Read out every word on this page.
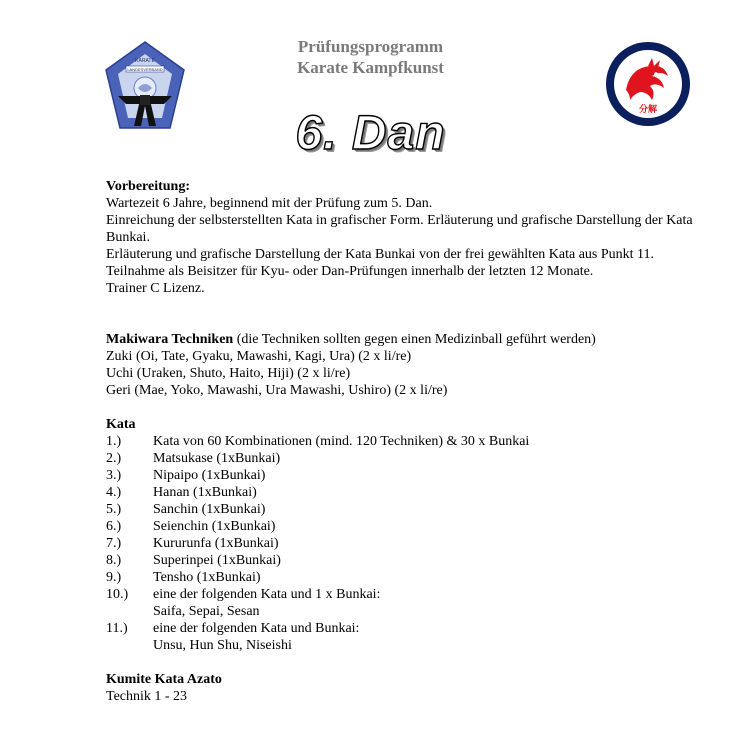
Prüfungsprogramm
Karate Kampfkunst
6. Dan
KARATE
LANDESVERBAND
分解
Vorbereitung:
Wartezeit 6 Jahre, beginnend mit der Prüfung zum 5. Dan.
Einreichung der selbsterstellten Kata in grafischer Form. Erläuterung und grafische Darstellung der Kata Bunkai.
Erläuterung und grafische Darstellung der Kata Bunkai von der frei gewählten Kata aus Punkt 11.
Teilnahme als Beisitzer für Kyu- oder Dan-Prüfungen innerhalb der letzten 12 Monate.
Trainer C Lizenz.
Makiwara Techniken (die Techniken sollten gegen einen Medizinball geführt werden)
Zuki (Oi, Tate, Gyaku, Mawashi, Kagi, Ura) (2 x li/re)
Uchi (Uraken, Shuto, Haito, Hiji) (2 x li/re)
Geri (Mae, Yoko, Mawashi, Ura Mawashi, Ushiro) (2 x li/re)
Kata
1.)	Kata von 60 Kombinationen (mind. 120 Techniken) & 30 x Bunkai
2.)	Matsukase (1xBunkai)
3.)	Nipaipo (1xBunkai)
4.)	Hanan (1xBunkai)
5.)	Sanchin (1xBunkai)
6.)	Seienchin (1xBunkai)
7.)	Kururunfa (1xBunkai)
8.)	Superinpei (1xBunkai)
9.)	Tensho (1xBunkai)
10.)	eine der folgenden Kata und 1 x Bunkai:
Saifa, Sepai, Sesan
11.)	eine der folgenden Kata und Bunkai:
Unsu, Hun Shu, Niseishi
Kumite Kata Azato
Technik 1 - 23
